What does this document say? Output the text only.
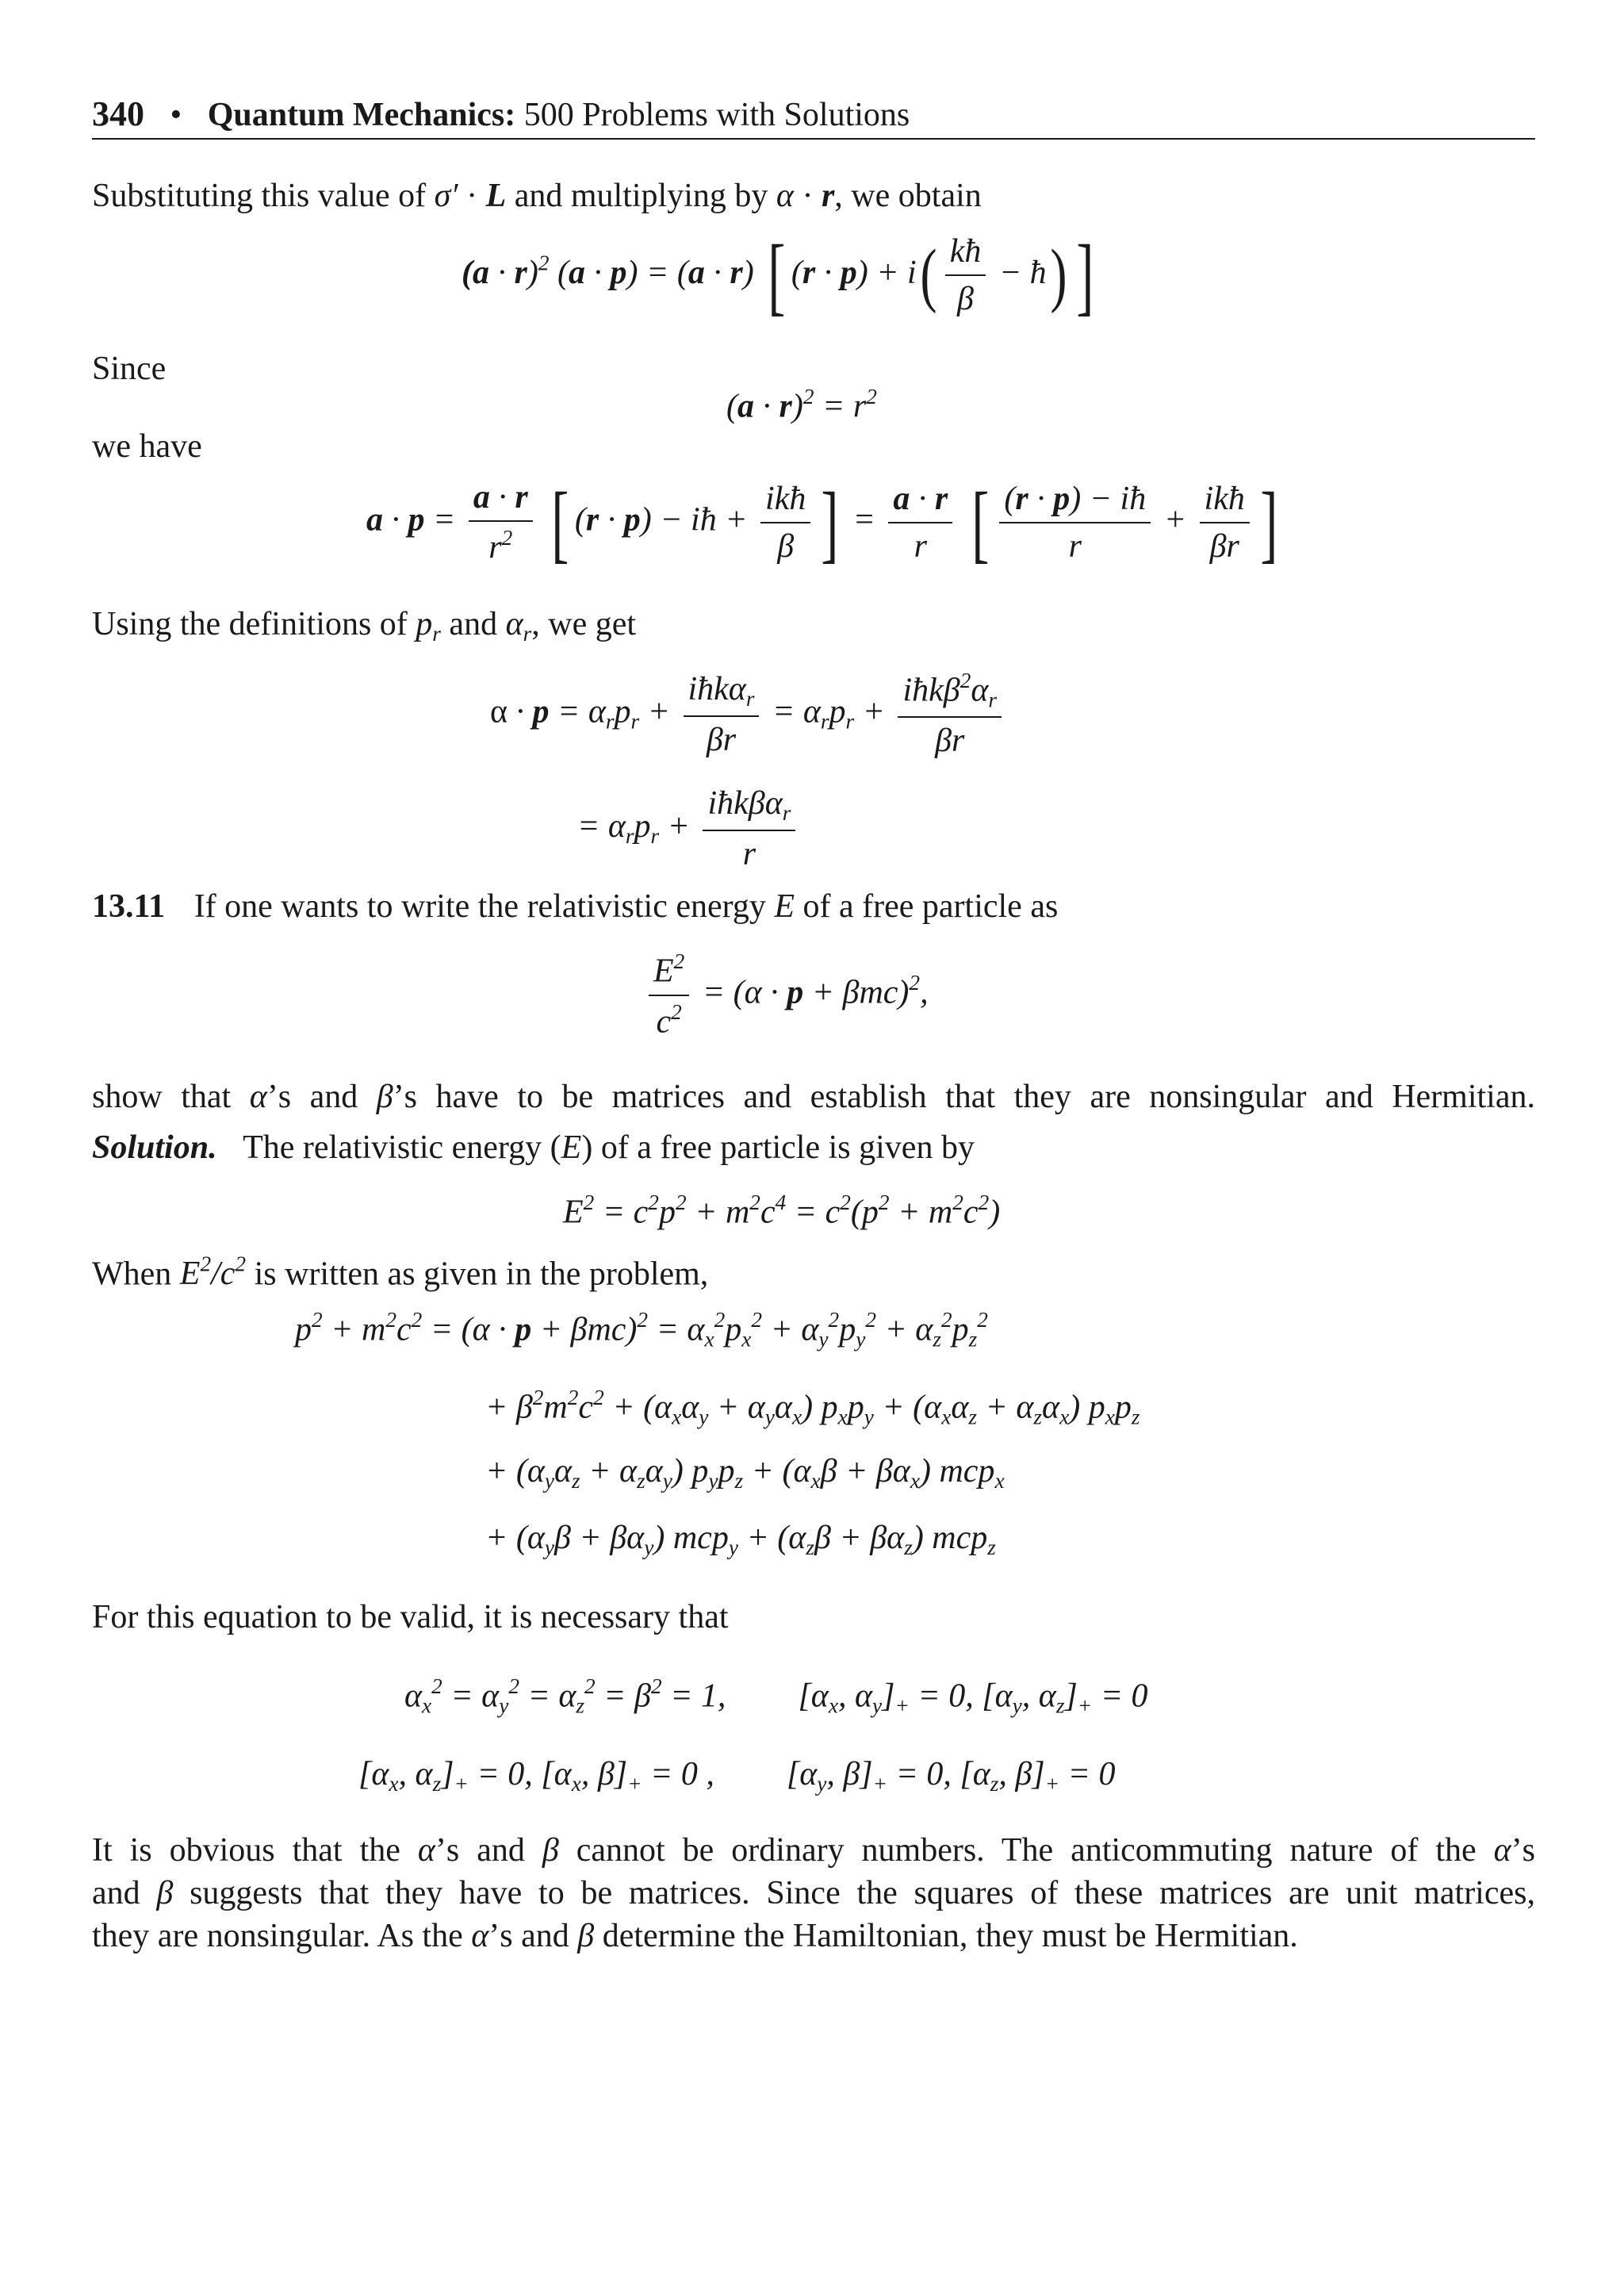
340 • Quantum Mechanics: 500 Problems with Solutions
Substituting this value of σ′ · L and multiplying by α · r, we obtain
$(a \cdot r)^2$ (a · p) = (a · r) [ $(r \cdot p) + i( \frac{kħ}{\beta}$ − ħ) ]
Since
$(a \cdot r)^2 = r^2$
we have
$a \cdot p = \frac{a \cdot r}{r^2}$ [ (r · p) − iħ + $\frac{\text{ikħ}}{\beta}$ ] = $\frac{a \cdot r}{r}$ [ $\frac{(r \cdot p) - iħ}{r} + \frac{\text{ikħ}}{\beta r}$ ]
Using the definitions of $p_r$ and $\alpha_r$, we get
$\alpha \cdot p = \alpha_rp_r + \frac{iħk\alpha_r}{\beta r} = \alpha_rp_r + \frac{iħk\beta^2\alpha_r}{\beta r}$
= $\alpha_rp_r + \frac{iħk\beta\alpha_r}{r}$
13.11 If one wants to write the relativistic energy E of a free particle as
$\frac{E^2}{c^2} = (\alpha \cdot p + \beta mc)^2$,
show that α’s and β’s have to be matrices and establish that they are nonsingular and Hermitian.
Solution. The relativistic energy (E) of a free particle is given by
$E^2 = c^2p^2 + m^2c^4 = c^2(p^2 + m^2c^2)$
When $E^2/c^2$ is written as given in the problem,
$p^2 + m^2c^2 = (\alpha \cdot p + \beta mc)^2 = \alpha_x^2p_x^2 + \alpha_y^2p_y^2 + \alpha_z^2p_z^2$
+ $\beta^2m^2c^2 + (\alpha_x\alpha_y + \alpha_y\alpha_x) p_xp_y + (\alpha_x\alpha_z + \alpha_z\alpha_x)$ $p_xp_z$
+ $(\alpha_y\alpha_z + \alpha_z\alpha_y) p_yp_z + (\alpha_x\beta + \beta\alpha_x)$ mcp$_x$
+ $(\alpha_y\beta + \beta\alpha_y) mcp_y + (\alpha_z\beta + \beta\alpha_z)$ mcp$_z$
For this equation to be valid, it is necessary that
$\alpha_x^2 = \alpha_y^2 = \alpha_z^2 = \beta^2 = 1$,  [$\alpha_x$, $\alpha_y]_+ = 0$, [$\alpha_y$, $\alpha_z]_+ = 0$
[$\alpha_x$, $\alpha_z]_+ = 0$, [$\alpha_x$, $\beta]_+ = 0$ ,  [$\alpha_y$, $\beta]_+ = 0$, [$\alpha_z$, $\beta]_+ = 0$
It is obvious that the α’s and β cannot be ordinary numbers. The anticommuting nature of the α’s
and β suggests that they have to be matrices. Since the squares of these matrices are unit matrices,
they are nonsingular. As the α’s and β determine the Hamiltonian, they must be Hermitian.
